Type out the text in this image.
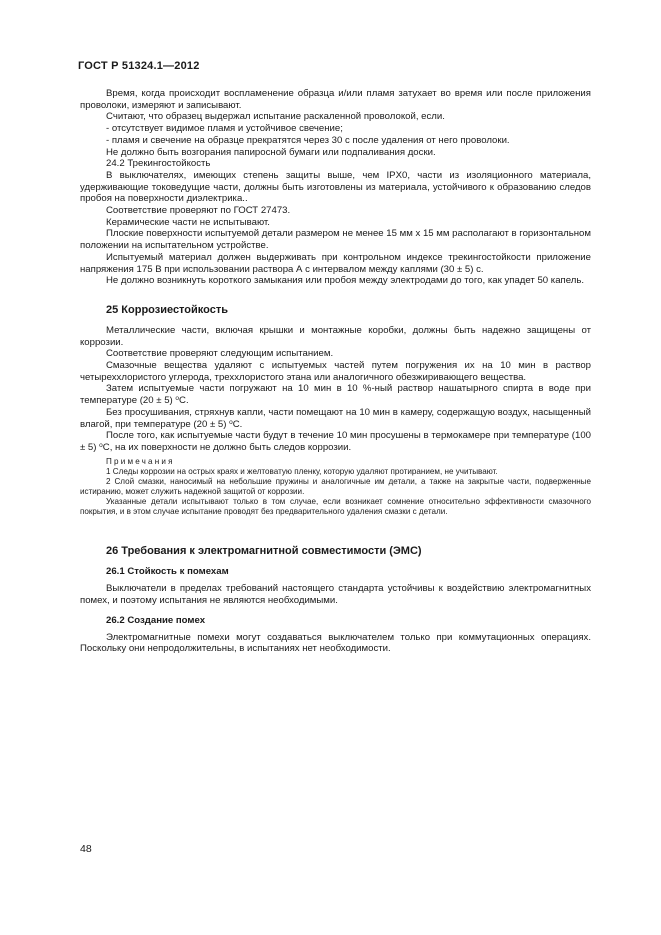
ГОСТ Р 51324.1—2012

Время, когда происходит воспламенение образца и/или пламя затухает во время или после приложения проволоки, измеряют и записывают.

Считают, что образец выдержал испытание раскаленной проволокой, если.

- отсутствует видимое пламя и устойчивое свечение;

- пламя и свечение на образце прекратятся через 30 с после удаления от него проволоки.

Не должно быть возгорания папиросной бумаги или подпаливания доски.

24.2 Трекингостойкость

В выключателях, имеющих степень защиты выше, чем IPX0, части из изоляционного материала, удерживающие токоведущие части, должны быть изготовлены из материала, устойчивого к образованию следов пробоя на поверхности диэлектрика..

Соответствие проверяют по ГОСТ 27473.

Керамические части не испытывают.

Плоские поверхности испытуемой детали размером не менее 15 мм х 15 мм располагают в горизонтальном положении на испытательном устройстве.

Испытуемый материал должен выдерживать при контрольном индексе трекингостойкости приложение напряжения 175 В при использовании раствора А с интервалом между каплями (30 ± 5) с.

Не должно возникнуть короткого замыкания или пробоя между электродами до того, как упадет 50 капель.

25 Коррозиестойкость

Металлические части, включая крышки и монтажные коробки, должны быть надежно защищены от коррозии.

Соответствие проверяют следующим испытанием.

Смазочные вещества удаляют с испытуемых частей путем погружения их на 10 мин в раствор четыреххлористого углерода, трехxлористого этана или аналогичного обезжиривающего вещества.

Затем испытуемые части погружают на 10 мин в 10 %-ный раствор нашатырного спирта в воде при температуре (20 ± 5) $^o$С.

Без просушивания, стряхнув капли, части помещают на 10 мин в камеру, содержащую воздух, насыщенный влагой, при температуре (20 ± 5) $^o$С.

После того, как испытуемые части будут в течение 10 мин просушены в термокамере при температуре (100 ± 5) $^o$С, на их поверхности не должно быть следов коррозии.

Примечания

1 Следы коррозии на острых краях и желтоватую пленку, которую удаляют протиранием, не учитывают.

2 Слой смазки, наносимый на небольшие пружины и аналогичные им детали, а также на закрытые части, подверженные истиранию, может служить надежной защитой от коррозии.

Указанные детали испытывают только в том случае, если возникает сомнение относительно эффективности смазочного покрытия, и в этом случае испытание проводят без предварительного удаления смазки с детали.

26 Требования к электромагнитной совместимости (ЭМС)
26.1 Стойкость к помехам

Выключатели в пределах требований настоящего стандарта устойчивы к воздействию электромагнитных помех, и поэтому испытания не являются необходимыми.

26.2 Создание помех

Электромагнитные помехи могут создаваться выключателем только при коммутационных операциях. Поскольку они непродолжительны, в испытаниях нет необходимости.

48
